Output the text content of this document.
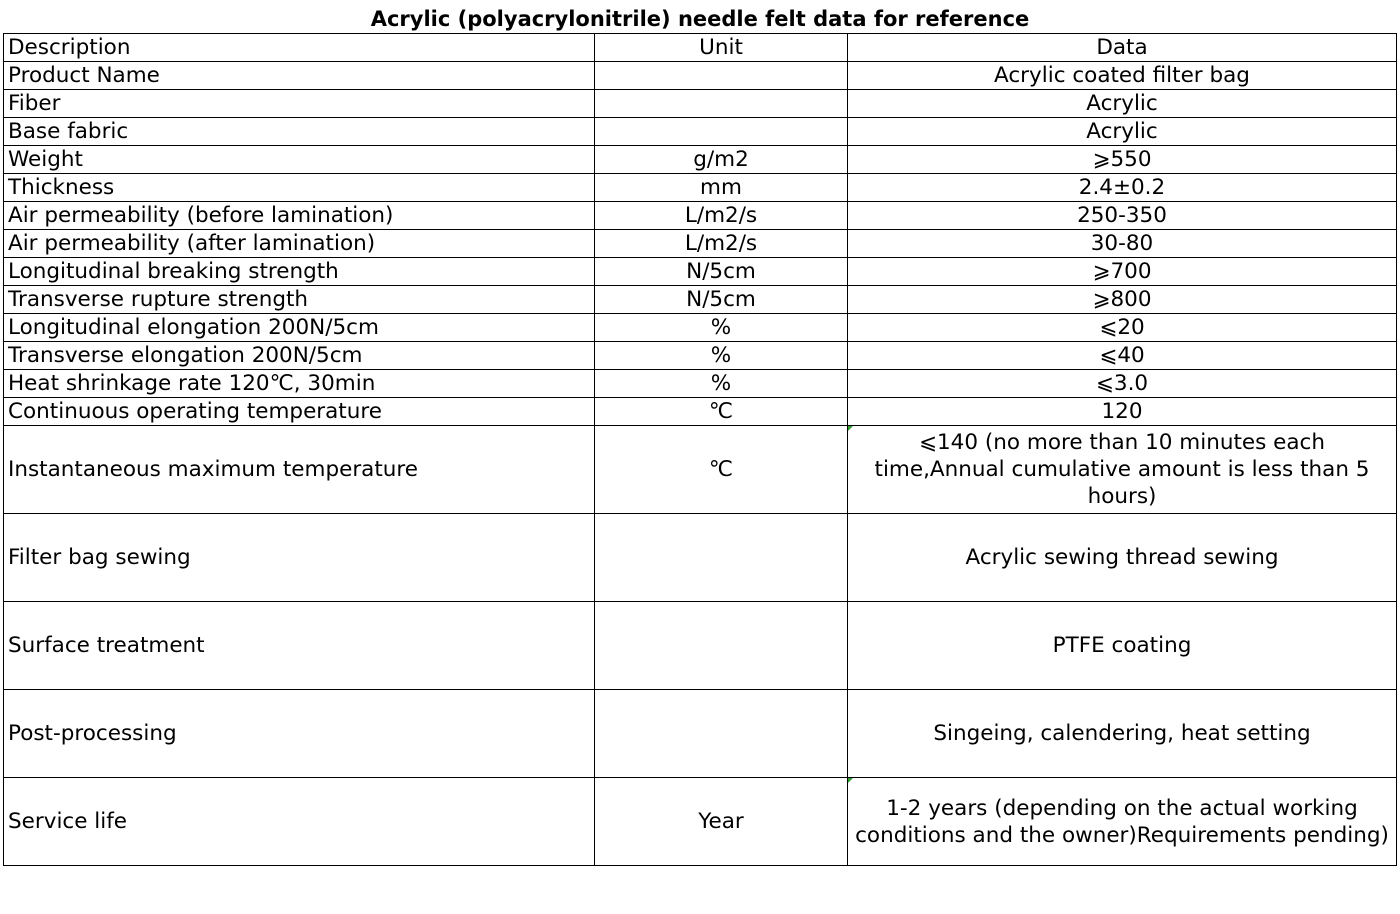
Acrylic (polyacrylonitrile) needle felt data for reference
Description	Unit	Data
Product Name		Acrylic coated filter bag
Fiber		Acrylic
Base fabric		Acrylic
Weight	g/m2	⩾550
Thickness	mm	2.4±0.2
Air permeability (before lamination)	L/m2/s	250-350
Air permeability (after lamination)	L/m2/s	30-80
Longitudinal breaking strength	N/5cm	⩾700
Transverse rupture strength	N/5cm	⩾800
Longitudinal elongation 200N/5cm	%	⩽20
Transverse elongation 200N/5cm	%	⩽40
Heat shrinkage rate 120℃, 30min	%	⩽3.0
Continuous operating temperature	℃	120
Instantaneous maximum temperature	℃	⩽140 (no more than 10 minutes each time,Annual cumulative amount is less than 5 hours)
Filter bag sewing		Acrylic sewing thread sewing
Surface treatment		PTFE coating
Post-processing		Singeing, calendering, heat setting
Service life	Year	1-2 years (depending on the actual working conditions and the owner)Requirements pending)
